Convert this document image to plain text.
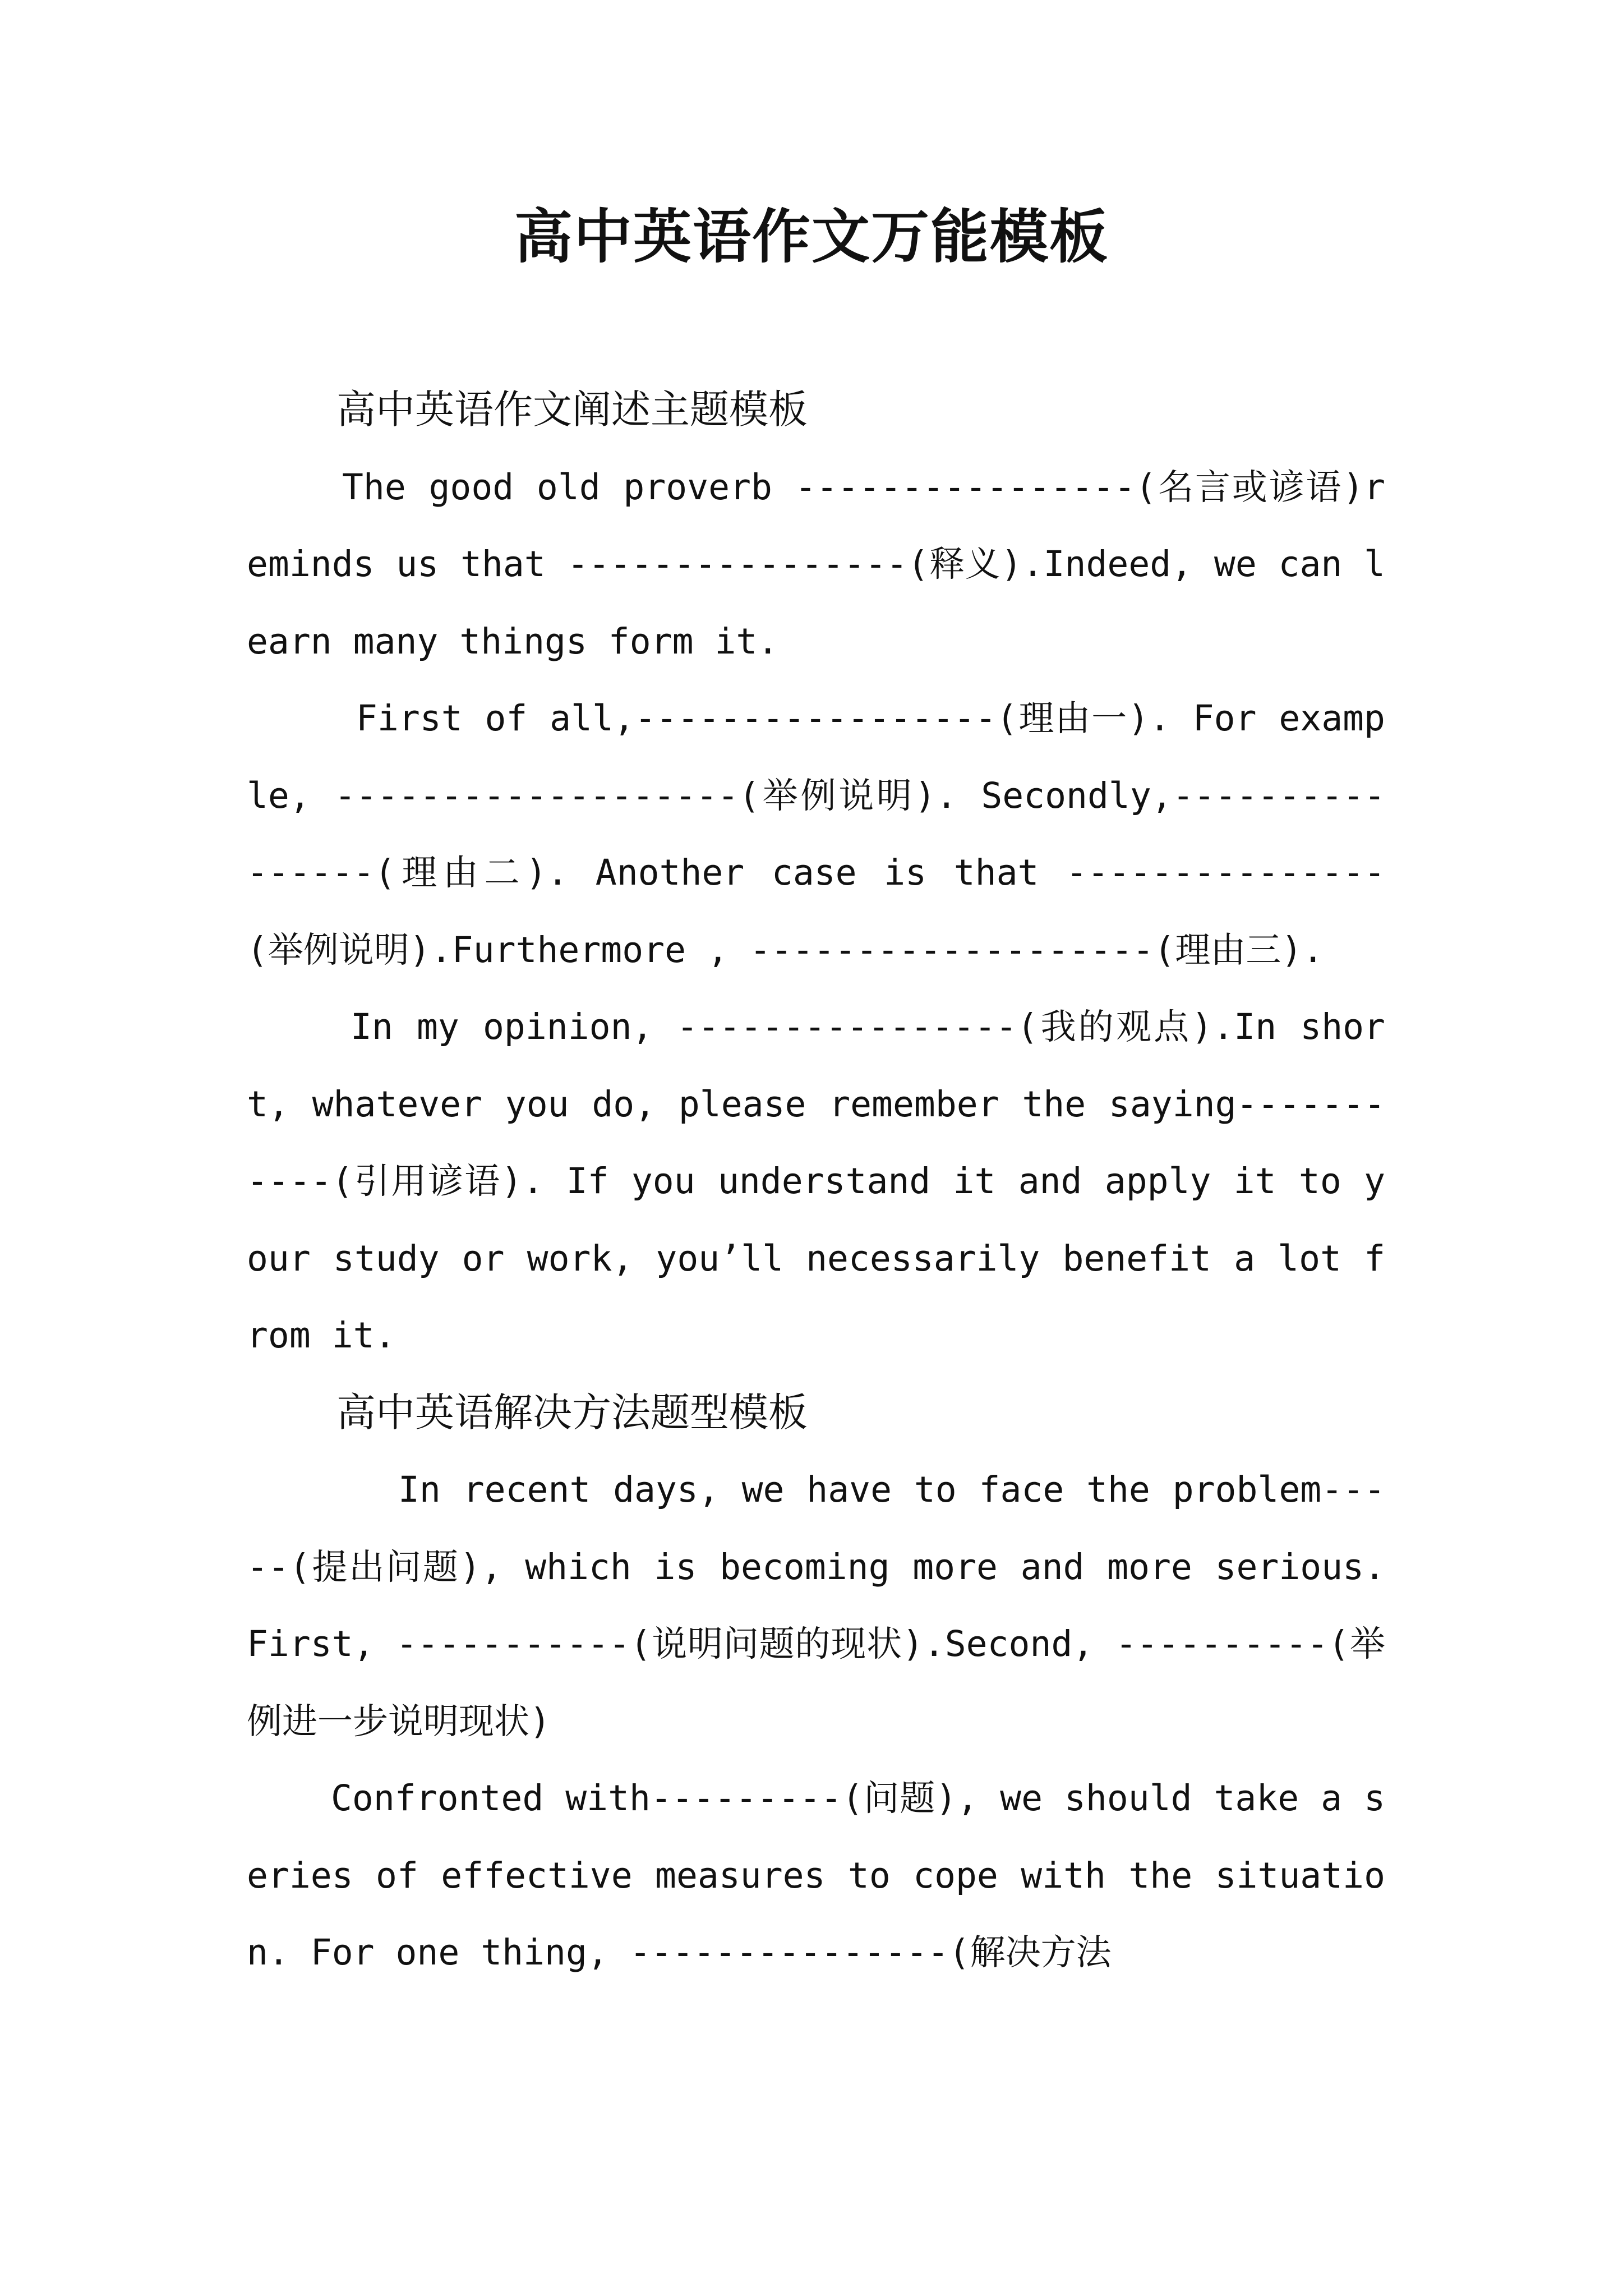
高中英语作文万能模板

高中英语作文阐述主题模板

The good old proverb ----------------(名言或谚语)reminds us that ----------------(释义).Indeed, we can learn many things form it.

First of all,-----------------(理由一). For example, -------------------(举例说明). Secondly,----------------(理由二). Another case is that ---------------(举例说明).Furthermore , -------------------(理由三).

In my opinion, ----------------(我的观点).In short, whatever you do, please remember the saying-----------(引用谚语). If you understand it and apply it to your study or work, you’ll necessarily benefit a lot from it.

高中英语解决方法题型模板

In recent days, we have to face the problem-----(提出问题), which is becoming more and more serious. First, -----------(说明问题的现状).Second, ----------(举例进一步说明现状)

Confronted with---------(问题), we should take a series of effective measures to cope with the situation. For one thing, ---------------(解决方法
